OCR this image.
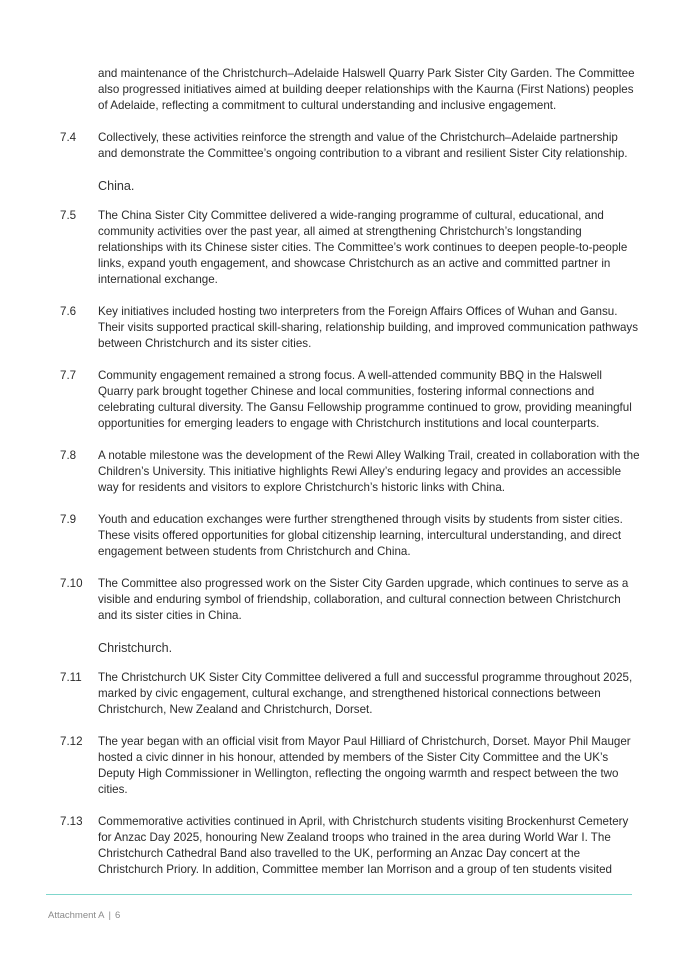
and maintenance of the Christchurch–Adelaide Halswell Quarry Park Sister City Garden. The Committee also progressed initiatives aimed at building deeper relationships with the Kaurna (First Nations) peoples of Adelaide, reflecting a commitment to cultural understanding and inclusive engagement.
7.4	Collectively, these activities reinforce the strength and value of the Christchurch–Adelaide partnership and demonstrate the Committee’s ongoing contribution to a vibrant and resilient Sister City relationship.
China.
7.5	The China Sister City Committee delivered a wide-ranging programme of cultural, educational, and community activities over the past year, all aimed at strengthening Christchurch’s longstanding relationships with its Chinese sister cities. The Committee’s work continues to deepen people-to-people links, expand youth engagement, and showcase Christchurch as an active and committed partner in international exchange.
7.6	Key initiatives included hosting two interpreters from the Foreign Affairs Offices of Wuhan and Gansu. Their visits supported practical skill-sharing, relationship building, and improved communication pathways between Christchurch and its sister cities.
7.7	Community engagement remained a strong focus. A well-attended community BBQ in the Halswell Quarry park brought together Chinese and local communities, fostering informal connections and celebrating cultural diversity. The Gansu Fellowship programme continued to grow, providing meaningful opportunities for emerging leaders to engage with Christchurch institutions and local counterparts.
7.8	A notable milestone was the development of the Rewi Alley Walking Trail, created in collaboration with the Children’s University. This initiative highlights Rewi Alley’s enduring legacy and provides an accessible way for residents and visitors to explore Christchurch’s historic links with China.
7.9	Youth and education exchanges were further strengthened through visits by students from sister cities. These visits offered opportunities for global citizenship learning, intercultural understanding, and direct engagement between students from Christchurch and China.
7.10	The Committee also progressed work on the Sister City Garden upgrade, which continues to serve as a visible and enduring symbol of friendship, collaboration, and cultural connection between Christchurch and its sister cities in China.
Christchurch.
7.11	The Christchurch UK Sister City Committee delivered a full and successful programme throughout 2025, marked by civic engagement, cultural exchange, and strengthened historical connections between Christchurch, New Zealand and Christchurch, Dorset.
7.12	The year began with an official visit from Mayor Paul Hilliard of Christchurch, Dorset. Mayor Phil Mauger hosted a civic dinner in his honour, attended by members of the Sister City Committee and the UK’s Deputy High Commissioner in Wellington, reflecting the ongoing warmth and respect between the two cities.
7.13	Commemorative activities continued in April, with Christchurch students visiting Brockenhurst Cemetery for Anzac Day 2025, honouring New Zealand troops who trained in the area during World War I. The Christchurch Cathedral Band also travelled to the UK, performing an Anzac Day concert at the Christchurch Priory. In addition, Committee member Ian Morrison and a group of ten students visited
Attachment A | 6
